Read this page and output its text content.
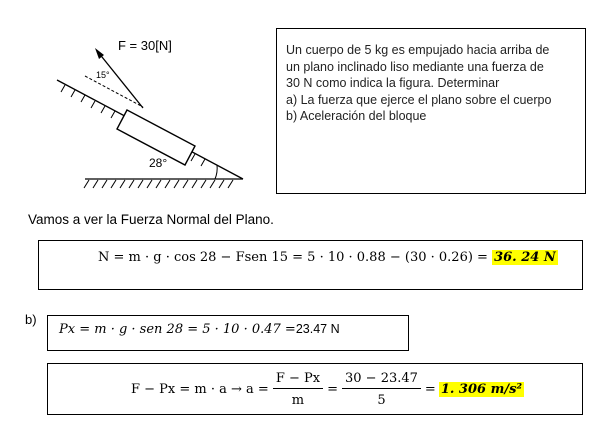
F = 30[N]
15°
28°
Un cuerpo de 5 kg es empujado hacia arriba de
un plano inclinado liso mediante una fuerza de
30 N como indica la figura. Determinar
a) La fuerza que ejerce el plano sobre el cuerpo
b) Aceleración del bloque
Vamos a ver la Fuerza Normal del Plano.
N = m · g · cos 28 − Fsen 15 = 5 · 10 · 0.88 − (30 · 0.26) = 36. 24 N
b)
Px = m · g · sen 28 = 5 · 10 · 0.47 =23.47 N
$F - Px = m \cdot a \to a = \frac{F - Px}{m} = \frac{30 - 23.47}{5} = 1$. 306 m/s²
